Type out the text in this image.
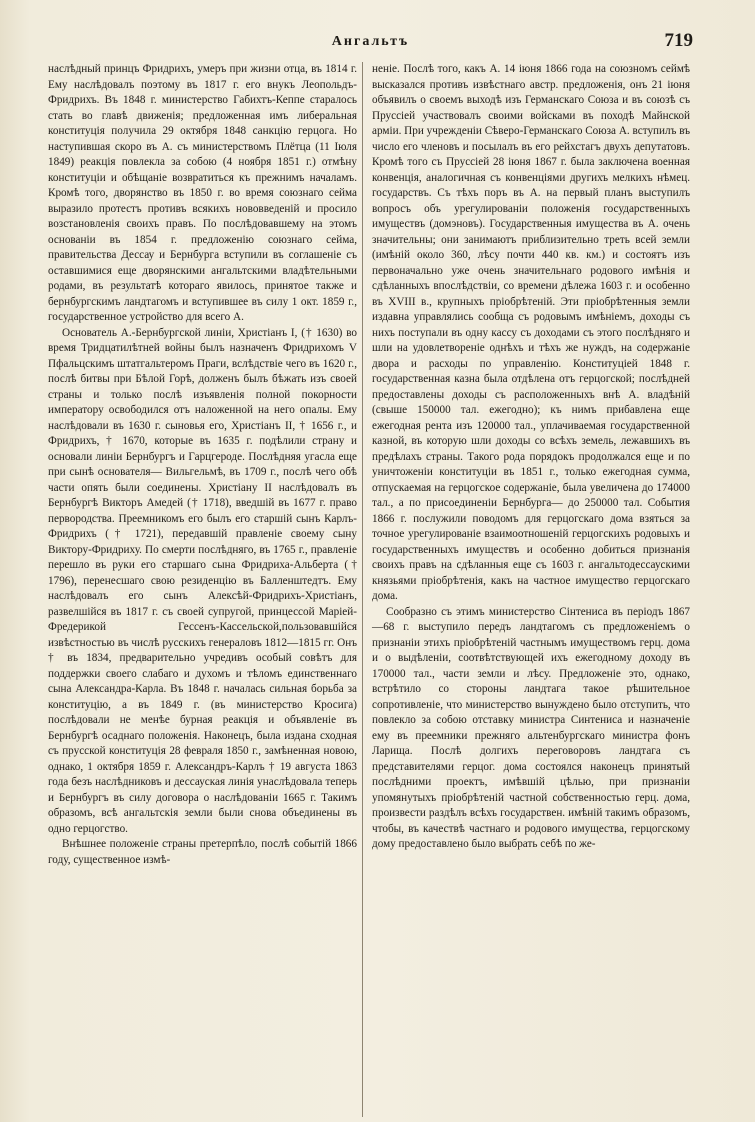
Ангальтъ	719

наслѣдный принцъ Фридрихъ, умеръ при жизни отца, въ 1814 г. Ему наслѣдовалъ поэтому въ 1817 г. его внукъ Леопольдъ-Фридрихъ. Въ 1848 г. министерство Габихтъ-Кеппе старалось стать во главѣ движенія; предложенная имъ либеральная конституція получила 29 октября 1848 санкцію герцога. Но наступившая скоро въ А. съ министерствомъ Плётца (11 Іюля 1849) реакція повлекла за собою (4 ноября 1851 г.) отмѣну конституціи и обѣщаніе возвратиться къ прежнимъ началамъ. Кромѣ того, дворянство въ 1850 г. во время союзнаго сейма выразило протестъ противъ всякихъ нововведеній и просило возстановленія своихъ правъ. По послѣдовавшему на этомъ основаніи въ 1854 г. предложенію союзнаго сейма, правительства Дессау и Бернбурга вступили въ соглашеніе съ оставшимися еще дворянскими ангальтскими владѣтельными родами, въ результатѣ котораго явилось, принятое также и бернбургскимъ ландтагомъ и вступившее въ силу 1 окт. 1859 г., государственное устройство для всего А.

Основатель А.-Бернбургской линіи, Христіанъ I, († 1630) во время Тридцатилѣтней войны былъ назначенъ Фридрихомъ V Пфальцскимъ штатгальтеромъ Праги, вслѣдствіе чего въ 1620 г., послѣ битвы при Бѣлой Горѣ, долженъ былъ бѣжать изъ своей страны и только послѣ изъявленія полной покорности императору освободился отъ наложенной на него опалы. Ему наслѣдовали въ 1630 г. сыновья его, Христіанъ II, † 1656 г., и Фридрихъ, † 1670, которые въ 1635 г. подѣлили страну и основали линіи Бернбургъ и Гарцгероде. Послѣдняя угасла еще при сынѣ основателя— Вильгельмѣ, въ 1709 г., послѣ чего обѣ части опять были соединены. Христіану II наслѣдовалъ въ Бернбургѣ Викторъ Амедей († 1718), введшій въ 1677 г. право первородства. Преемникомъ его былъ его старшій сынъ Карлъ-Фридрихъ († 1721), передавшій правленіе своему сыну Виктору-Фридриху. По смерти послѣдняго, въ 1765 г., правленіе перешло въ руки его старшаго сына Фридриха-Альберта († 1796), перенесшаго свою резиденцію въ Балленштедтъ. Ему наслѣдовалъ его сынъ Алексѣй-Фридрихъ-Христіанъ, развелшійся въ 1817 г. съ своей супругой, принцессой Маріей-Фредерикой Гессенъ-Кассельской,пользовавшійся извѣстностью въ числѣ русскихъ генераловъ 1812—1815 гг. Онъ † въ 1834, предварительно учредивъ особый совѣтъ для поддержки своего слабаго и духомъ и тѣломъ единственнаго сына Александра-Карла. Въ 1848 г. началась сильная борьба за конституцію, а въ 1849 г. (въ министерство Кросига) послѣдовали не менѣе бурная реакція и объявленіе въ Бернбургѣ осаднаго положенія. Наконецъ, была издана сходная съ прусской конституція 28 февраля 1850 г., замѣненная новою, однако, 1 октября 1859 г. Александръ-Карлъ † 19 августа 1863 года безъ наслѣдниковъ и дессауская линія унаслѣдовала теперь и Бернбургъ въ силу договора о наслѣдованіи 1665 г. Такимъ образомъ, всѣ ангальтскія земли были снова объединены въ одно герцогство.

Внѣшнее положеніе страны претерпѣло, послѣ событій 1866 году, существенное измѣ-

неніе. Послѣ того, какъ А. 14 іюня 1866 года на союзномъ сеймѣ высказался противъ извѣстнаго австр. предложенія, онъ 21 іюня объявилъ о своемъ выходѣ изъ Германскаго Союза и въ союзѣ съ Пруссіей участвовалъ своими войсками въ походѣ Майнской арміи. При учрежденіи Сѣверо-Германскаго Союза А. вступилъ въ число его членовъ и посылалъ въ его рейхстагъ двухъ депутатовъ. Кромѣ того съ Пруссіей 28 іюня 1867 г. была заключена военная конвенція, аналогичная съ конвенціями другихъ мелкихъ нѣмец. государствъ. Съ тѣхъ поръ въ А. на первый планъ выступилъ вопросъ объ урегулированіи положенія государственныхъ имуществъ (домэновъ). Государственныя имущества въ А. очень значительны; они занимаютъ приблизительно треть всей земли (имѣній около 360, лѣсу почти 440 кв. км.) и состоятъ изъ первоначально уже очень значительнаго родового имѣнія и сдѣланныхъ впослѣдствіи, со времени дѣлежа 1603 г. и особенно въ XVIII в., крупныхъ пріобрѣтеній. Эти пріобрѣтенныя земли издавна управлялись сообща съ родовымъ имѣніемъ, доходы съ нихъ поступали въ одну кассу съ доходами съ этого послѣдняго и шли на удовлетвореніе однѣхъ и тѣхъ же нуждъ, на содержаніе двора и расходы по управленію. Конституціей 1848 г. государственная казна была отдѣлена отъ герцогской; послѣдней предоставлены доходы съ расположенныхъ внѣ А. владѣній (свыше 150000 тал. ежегодно); къ нимъ прибавлена еще ежегодная рента изъ 120000 тал., уплачиваемая государственной казной, въ которую шли доходы со всѣхъ земель, лежавшихъ въ предѣлахъ страны. Такого рода порядокъ продолжался еще и по уничтоженіи конституціи въ 1851 г., только ежегодная сумма, отпускаемая на герцогское содержаніе, была увеличена до 174000 тал., а по присоединеніи Бернбурга— до 250000 тал. События 1866 г. послужили поводомъ для герцогскаго дома взяться за точное урегулированіе взаимоотношеній герцогскихъ родовыхъ и государственныхъ имуществъ и особенно добиться признанія своихъ правъ на сдѣланныя еще съ 1603 г. ангальтодессаускими князьями пріобрѣтенія, какъ на частное имущество герцогскаго дома.

Сообразно съ этимъ министерство Сінтениса въ періодъ 1867—68 г. выступило передъ ландтагомъ съ предложеніемъ о признаніи этихъ пріобрѣтеній частнымъ имуществомъ герц. дома и о выдѣленіи, соотвѣтствующей ихъ ежегодному доходу въ 170000 тал., части земли и лѣсу. Предложеніе это, однако, встрѣтило со стороны ландтага такое рѣшительное сопротивленіе, что министерство вынуждено было отступить, что повлекло за собою отставку министра Синтениса и назначеніе ему въ преемники прежняго альтенбургскаго министра фонъ Ларища. Послѣ долгихъ переговоровъ ландтага съ представителями герцог. дома состоялся наконецъ принятый послѣдними проектъ, имѣвшій цѣлью, при признаніи упомянутыхъ пріобрѣтеній частной собственностью герц. дома, произвести раздѣлъ всѣхъ государствен. имѣній такимъ образомъ, чтобы, въ качествѣ частнаго и родового имущества, герцогскому дому предоставлено было выбрать себѣ по же-
